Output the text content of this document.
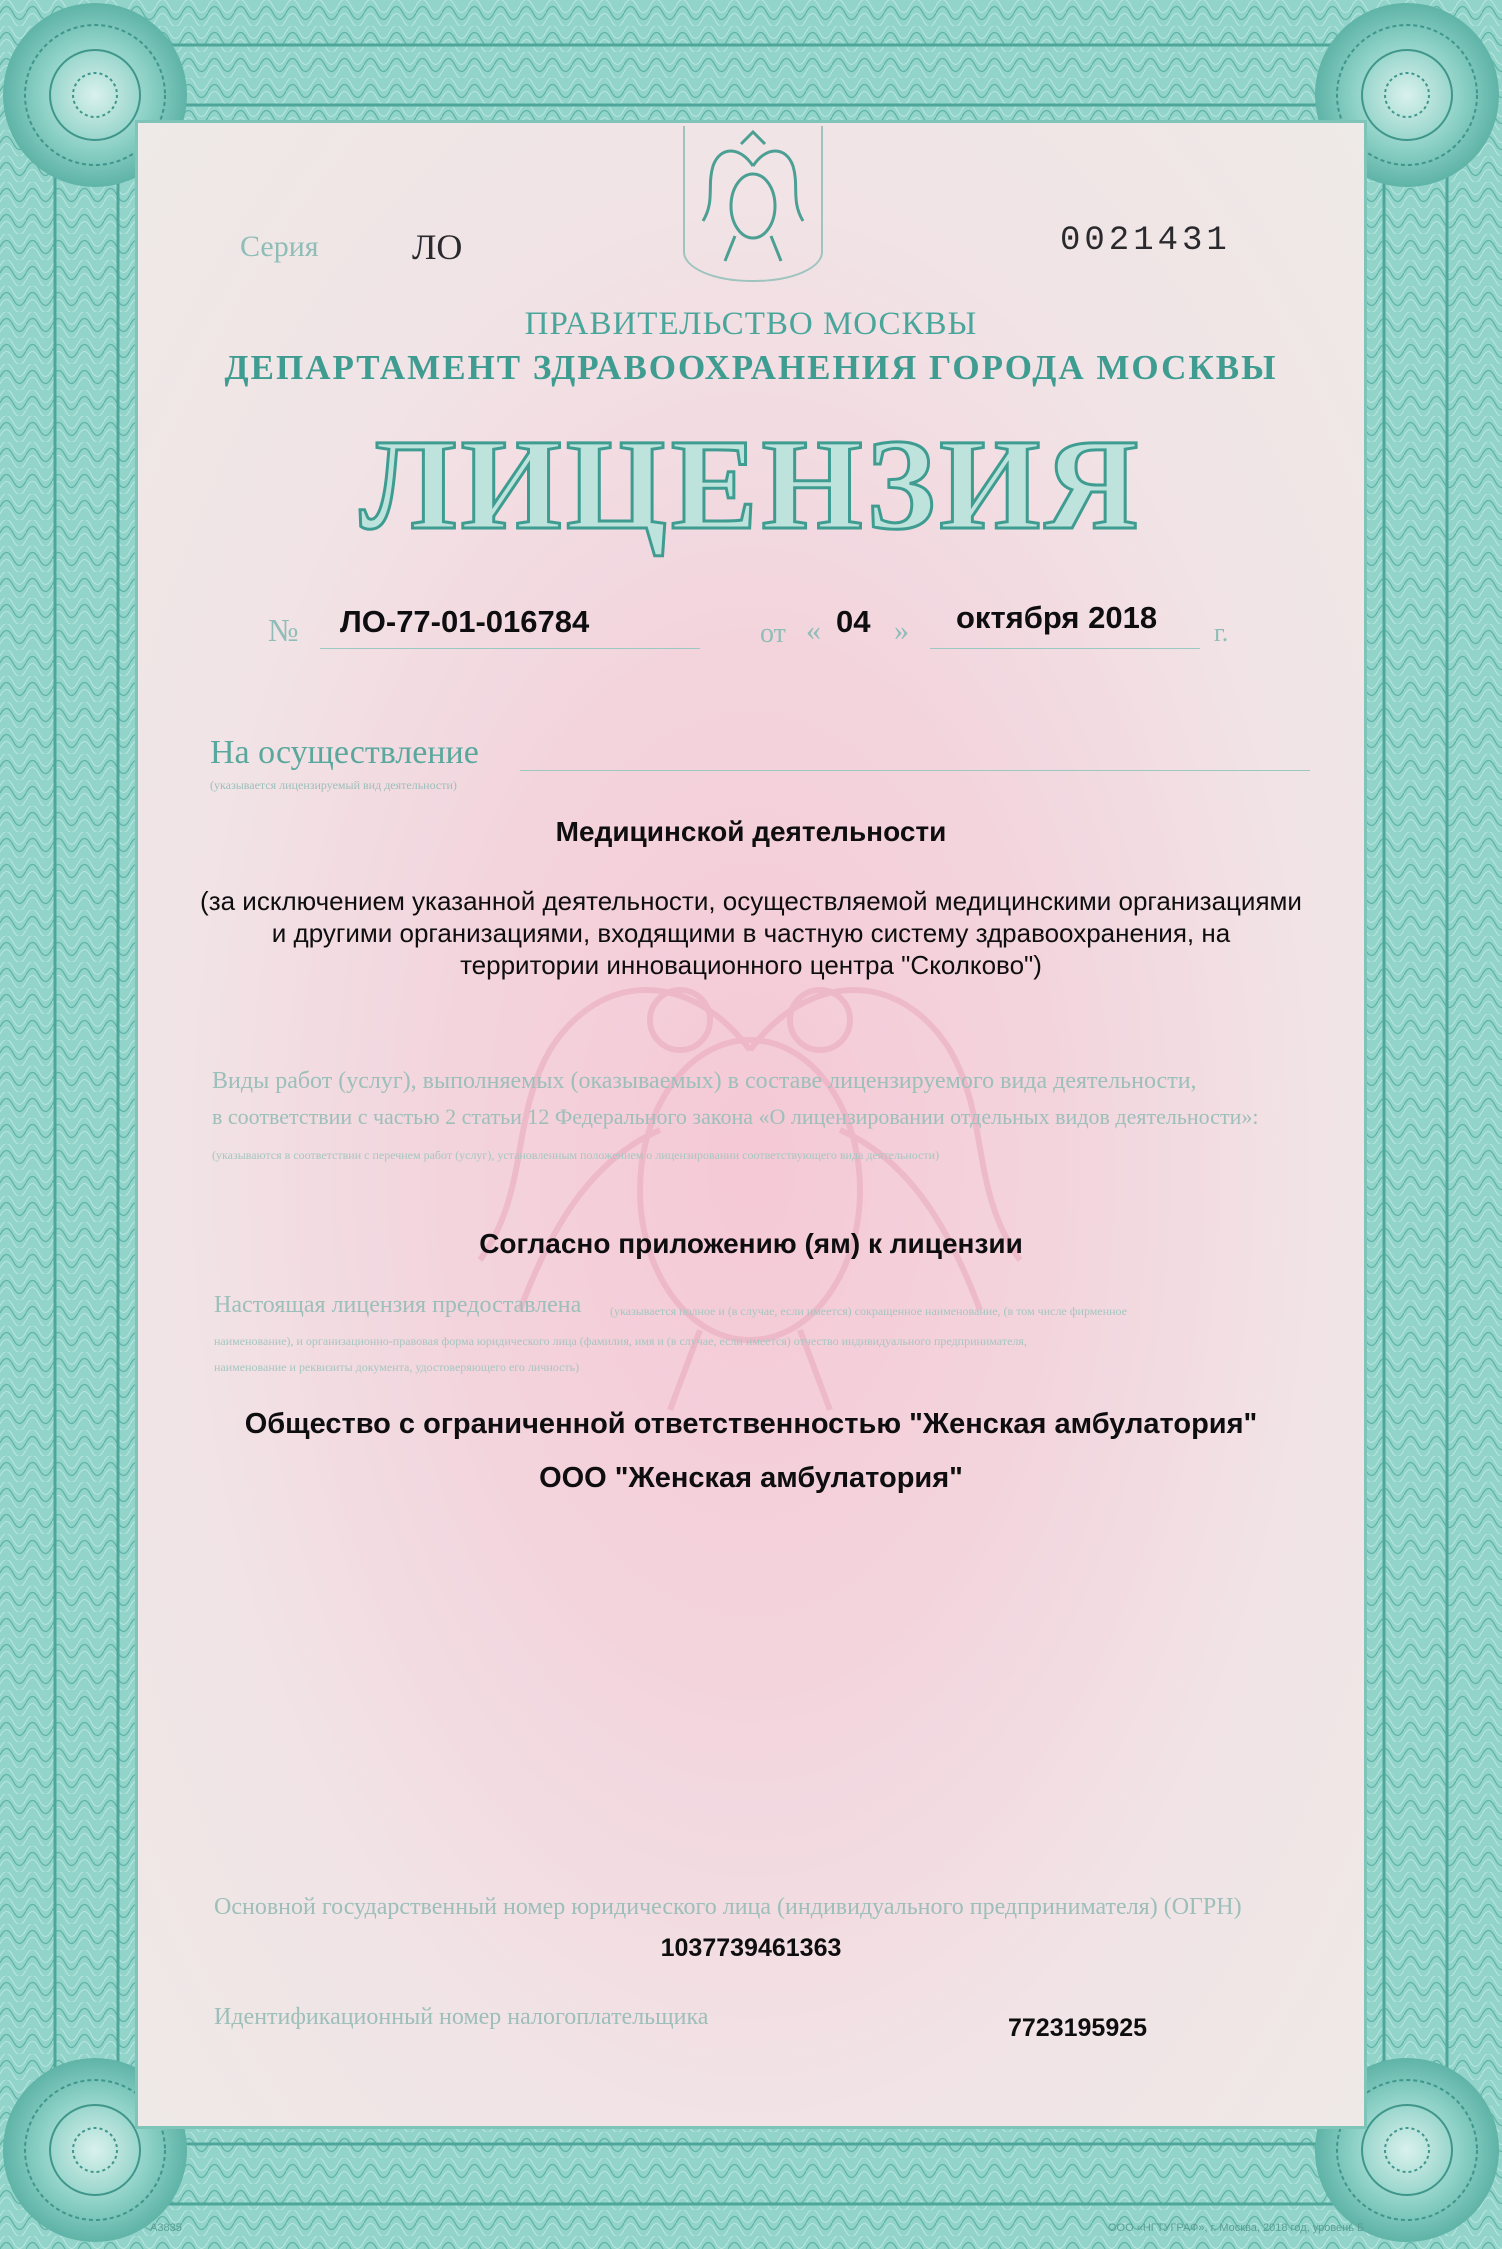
Серия	ЛО	0021431
ПРАВИТЕЛЬСТВО МОСКВЫ
ДЕПАРТАМЕНТ ЗДРАВООХРАНЕНИЯ ГОРОДА МОСКВЫ
ЛИЦЕНЗИЯ
№ ЛО-77-01-016784	от « 04 » октября 2018 г.
На осуществление
(указывается лицензируемый вид деятельности)
Медицинской деятельности
(за исключением указанной деятельности, осуществляемой медицинскими организациями
и другими организациями, входящими в частную систему здравоохранения, на
территории инновационного центра "Сколково")
Виды работ (услуг), выполняемых (оказываемых) в составе лицензируемого вида деятельности,
в соответствии с частью 2 статьи 12 Федерального закона «О лицензировании отдельных видов деятельности»:
(указываются в соответствии с перечнем работ (услуг), установленным положением о лицензировании соответствующего вида деятельности)
Согласно приложению (ям) к лицензии
Настоящая лицензия предоставлена (указывается полное и (в случае, если имеется) сокращенное наименование, (в том числе фирменное
наименование), и организационно-правовая форма юридического лица (фамилия, имя и (в случае, если имеется) отчество индивидуального предпринимателя,
наименование и реквизиты документа, удостоверяющего его личность)
Общество с ограниченной ответственностью "Женская амбулатория"
ООО "Женская амбулатория"
Основной государственный номер юридического лица (индивидуального предпринимателя) (ОГРН)
1037739461363
Идентификационный номер налогоплательщика	7723195925
А3835	ООО «НГТУГРАФ», г. Москва, 2018 год, уровень Б
